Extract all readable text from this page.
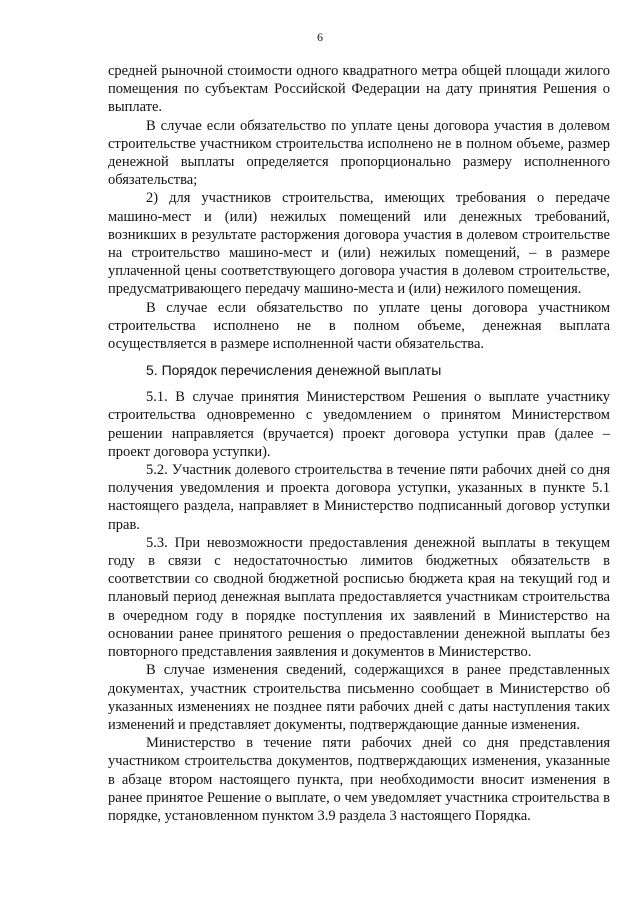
6

средней рыночной стоимости одного квадратного метра общей площади жилого помещения по субъектам Российской Федерации на дату принятия Решения о выплате.

В случае если обязательство по уплате цены договора участия в долевом строительстве участником строительства исполнено не в полном объеме, размер денежной выплаты определяется пропорционально размеру исполненного обязательства;

2) для участников строительства, имеющих требования о передаче машино-мест и (или) нежилых помещений или денежных требований, возникших в результате расторжения договора участия в долевом строительстве на строительство машино-мест и (или) нежилых помещений, – в размере уплаченной цены соответствующего договора участия в долевом строительстве, предусматривающего передачу машино-места и (или) нежилого помещения.

В случае если обязательство по уплате цены договора участником строительства исполнено не в полном объеме, денежная выплата осуществляется в размере исполненной части обязательства.

5. Порядок перечисления денежной выплаты

5.1. В случае принятия Министерством Решения о выплате участнику строительства одновременно с уведомлением о принятом Министерством решении направляется (вручается) проект договора уступки прав (далее – проект договора уступки).

5.2. Участник долевого строительства в течение пяти рабочих дней со дня получения уведомления и проекта договора уступки, указанных в пункте 5.1 настоящего раздела, направляет в Министерство подписанный договор уступки прав.

5.3. При невозможности предоставления денежной выплаты в текущем году в связи с недостаточностью лимитов бюджетных обязательств в соответствии со сводной бюджетной росписью бюджета края на текущий год и плановый период денежная выплата предоставляется участникам строительства в очередном году в порядке поступления их заявлений в Министерство на основании ранее принятого решения о предоставлении денежной выплаты без повторного представления заявления и документов в Министерство.

В случае изменения сведений, содержащихся в ранее представленных документах, участник строительства письменно сообщает в Министерство об указанных изменениях не позднее пяти рабочих дней с даты наступления таких изменений и представляет документы, подтверждающие данные изменения.

Министерство в течение пяти рабочих дней со дня представления участником строительства документов, подтверждающих изменения, указанные в абзаце втором настоящего пункта, при необходимости вносит изменения в ранее принятое Решение о выплате, о чем уведомляет участника строительства в порядке, установленном пунктом 3.9 раздела 3 настоящего Порядка.
